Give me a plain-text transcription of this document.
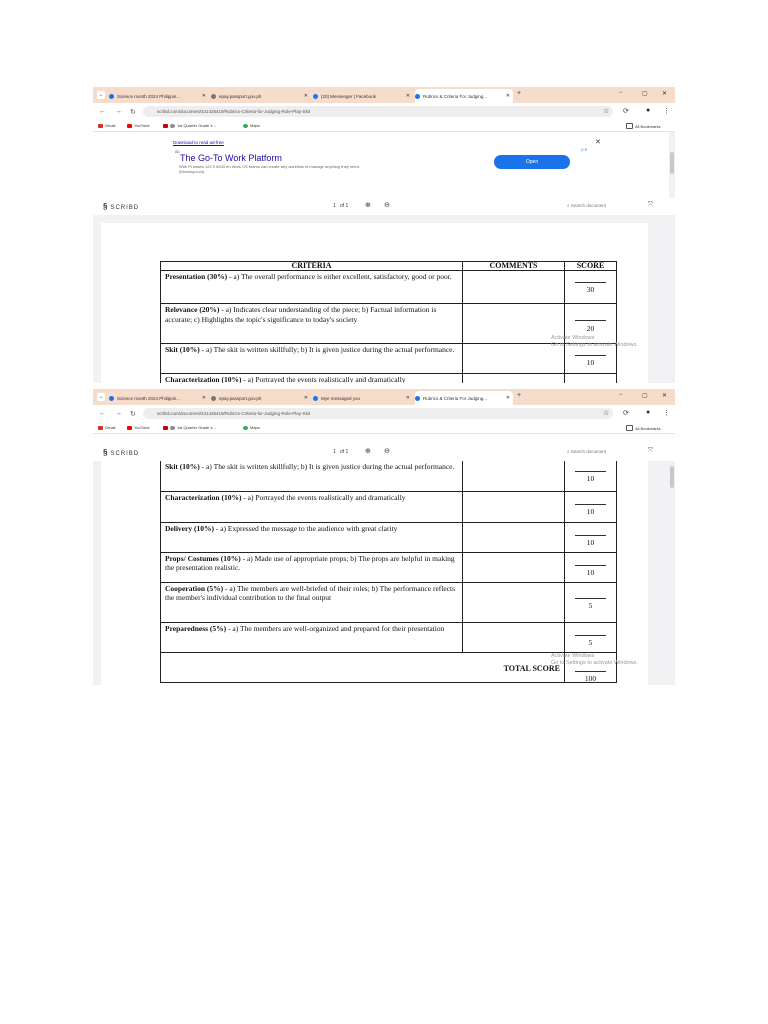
⌄	Science month 2024 Philippin...	✕	epay.passport.gov.ph	✕	(20) Messenger | Facebook	✕	Rubrics & Criteria For Judging...	✕ +	−	▢ ✕
← → ↻	scribd.com/document/431425419/Rubrics-Criteria-for-Judging-Role-Play-Skit	☆ ⟳ ● ⋮
Gmail	YouTube	1st Quarter Grade 4...	Maps	All Bookmarks
Download to read ad-free	✕
AD
The Go-To Work Platform
With PI based 122 5 6533 en Work OS teams can create any workflow to manage anything they need.
(Monday.com)
Open
▷✕
§ SCRIBD	1 of 1 ⊕ ⊖	⌕ Search document	⤧
CRITERIA	COMMENTS	SCORE
Presentation (30%) - a) The overall performance is either excellent, satisfactory, good or poor.		30

Relevance (20%) - a) Indicates clear understanding of the piece; b) Factual information is accurate; c) Highlights the topic's significance to today's society		20

Skit (10%) - a) The skit is written skillfully; b) It is given justice during the actual performance.		10

Characterization (10%) - a) Portrayed the events realistically and dramatically		
Activate Windows
Go to Settings to activate Windows.
⌄	Science month 2024 Philippin...	✕	epay.passport.gov.ph	✕	Mye messaged you	✕	Rubrics & Criteria For Judging...	✕ +	−	▢ ✕
← → ↻	scribd.com/document/431425419/Rubrics-Criteria-for-Judging-Role-Play-Skit	☆ ⟳ ● ⋮
Gmail	YouTube	1st Quarter Grade 4...	Maps	All Bookmarks
§ SCRIBD	1 of 1 ⊕ ⊖	⌕ Search document	⤧
Skit (10%) - a) The skit is written skillfully; b) It is given justice during the actual performance.		10

Characterization (10%) - a) Portrayed the events realistically and dramatically		10

Delivery (10%) - a) Expressed the message to the audience with great clarity		10

Props/ Costumes (10%) - a) Made use of appropriate props; b) The props are helpful in making the presentation realistic.		10

Cooperation (5%) - a) The members are well-briefed of their roles; b) The performance reflects the member's individual contribution to the final output		5

Preparedness (5%) - a) The members are well-organized and prepared for their presentation		5

TOTAL SCORE		100
Activate Windows
Go to Settings to activate Windows.
